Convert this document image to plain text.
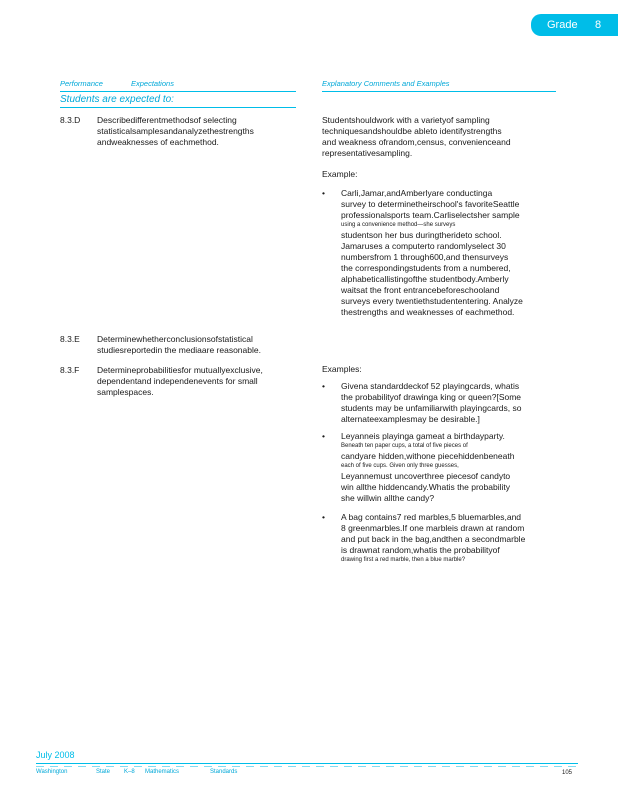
Grade 8
Performance	Expectations	Explanatory Comments and Examples
Students are expected to:
8.3.D Describedifferentmethodsof selecting
statisticalsamplesandanalyzethestrengths
andweaknesses of eachmethod.
Studentshouldwork with a varietyof sampling
techniquesandshouldbe ableto identifystrengths
and weakness ofrandom,census, convenienceand
representativesampling.
Example:
• Carli,Jamar,andAmberlyare conductinga
survey to determinetheirschool's favoriteSeattle
professionalsports team.Carliselectsher sample
using a convenience method—she surveys
studentson her bus duringtherideto school.
Jamaruses a computerto randomlyselect 30
numbersfrom 1 through600,and thensurveys
the correspondingstudents from a numbered,
alphabeticallistingofthe studentbody.Amberly
waitsat the front entrancebeforeschooland
surveys every twentiethstudententering. Analyze
thestrengths and weaknesses of eachmethod.
8.3.E Determinewhetherconclusionsofstatistical
studiesreportedin the mediaare reasonable.
8.3.F Determineprobabilitiesfor mutuallyexclusive,
dependentand independenevents for small
samplespaces.
Examples:
• Givena standarddeckof 52 playingcards, whatis
the probabilityof drawinga king or queen?[Some
students may be unfamiliarwith playingcards, so
alternateexamplesmay be desirable.]
• Leyanneis playinga gameat a birthdayparty.
Beneath ten paper cups, a total of five pieces of
candyare hidden,withone piecehiddenbeneath
each of five cups. Given only three guesses,
Leyannemust uncoverthree piecesof candyto
win allthe hiddencandy.Whatis the probability
she willwin allthe candy?
• A bag contains7 red marbles,5 bluemarbles,and
8 greenmarbles.If one marbleis drawn at random
and put back in the bag,andthen a secondmarble
is drawnat random,whatis the probabilityof
drawing first a red marble, then a blue marble?
July 2008
Washington	State K–8 Mathematics	Standards	105
